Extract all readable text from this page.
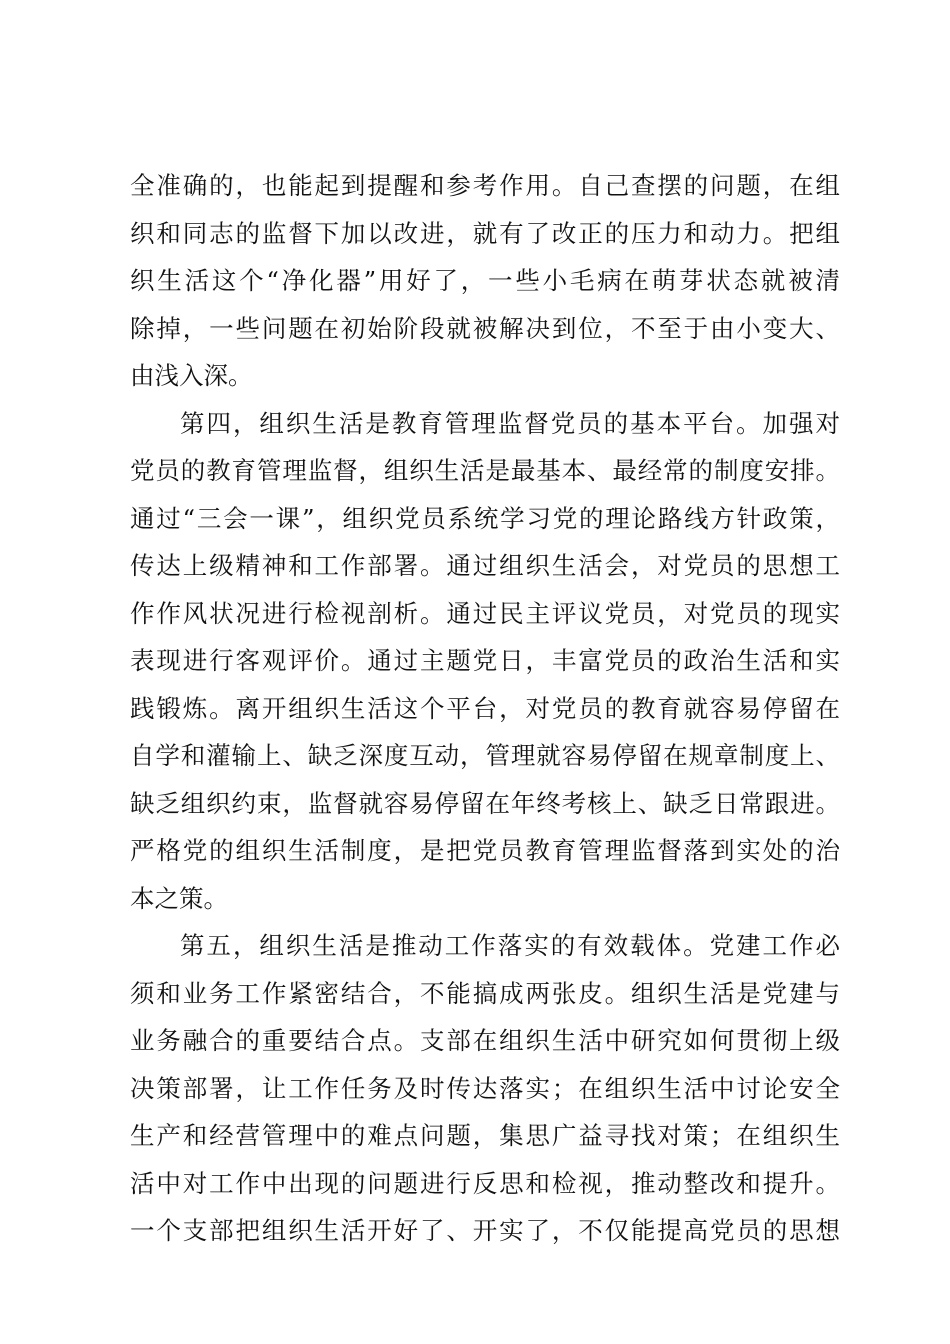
全准确的，也能起到提醒和参考作用。自己查摆的问题，在组
织和同志的监督下加以改进，就有了改正的压力和动力。把组
织生活这个“净化器”用好了，一些小毛病在萌芽状态就被清
除掉，一些问题在初始阶段就被解决到位，不至于由小变大、
由浅入深。
第四，组织生活是教育管理监督党员的基本平台。加强对
党员的教育管理监督，组织生活是最基本、最经常的制度安排。
通过“三会一课”，组织党员系统学习党的理论路线方针政策，
传达上级精神和工作部署。通过组织生活会，对党员的思想工
作作风状况进行检视剖析。通过民主评议党员，对党员的现实
表现进行客观评价。通过主题党日，丰富党员的政治生活和实
践锻炼。离开组织生活这个平台，对党员的教育就容易停留在
自学和灌输上、缺乏深度互动，管理就容易停留在规章制度上、
缺乏组织约束，监督就容易停留在年终考核上、缺乏日常跟进。
严格党的组织生活制度，是把党员教育管理监督落到实处的治
本之策。
第五，组织生活是推动工作落实的有效载体。党建工作必
须和业务工作紧密结合，不能搞成两张皮。组织生活是党建与
业务融合的重要结合点。支部在组织生活中研究如何贯彻上级
决策部署，让工作任务及时传达落实；在组织生活中讨论安全
生产和经营管理中的难点问题，集思广益寻找对策；在组织生
活中对工作中出现的问题进行反思和检视，推动整改和提升。
一个支部把组织生活开好了、开实了，不仅能提高党员的思想
